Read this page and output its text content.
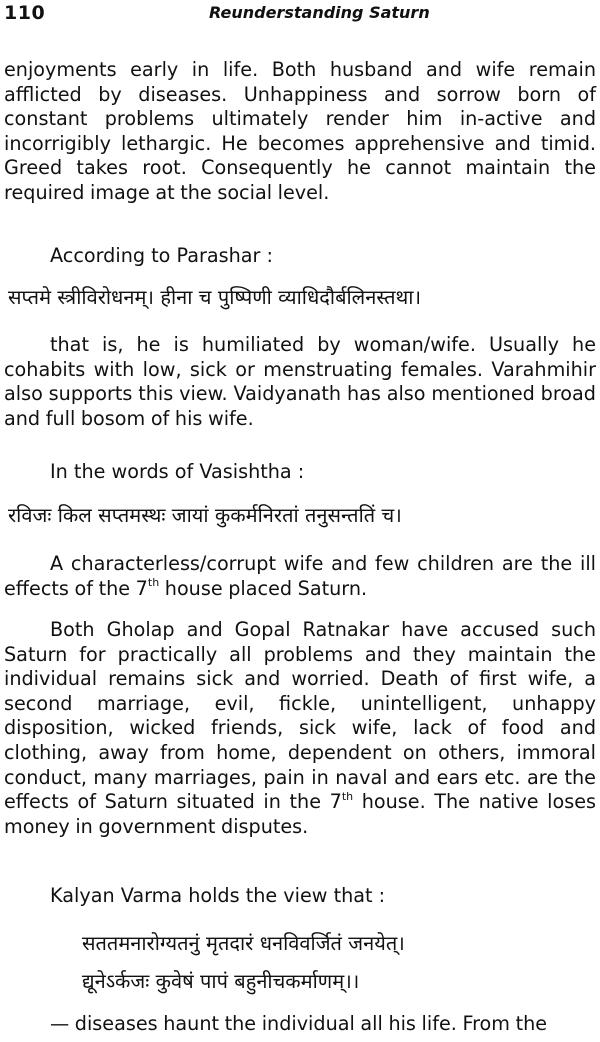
110	Reunderstanding Saturn

enjoyments early in life. Both husband and wife remain afflicted by diseases. Unhappiness and sorrow born of constant problems ultimately render him in-active and incorrigibly lethargic. He becomes apprehensive and timid. Greed takes root. Consequently he cannot maintain the required image at the social level.

According to Parashar :

सप्तमे स्त्रीविरोधनम्। हीना च पुष्पिणी व्याधिदौर्बलिनस्तथा।

that is, he is humiliated by woman/wife. Usually he cohabits with low, sick or menstruating females. Varahmihir also supports this view. Vaidyanath has also mentioned broad and full bosom of his wife.

In the words of Vasishtha :

रविजः किल सप्तमस्थः जायां कुकर्मनिरतां तनुसन्ततिं च।

A characterless/corrupt wife and few children are the ill effects of the 7th house placed Saturn.

Both Gholap and Gopal Ratnakar have accused such Saturn for practically all problems and they maintain the individual remains sick and worried. Death of first wife, a second marriage, evil, fickle, unintelligent, unhappy disposition, wicked friends, sick wife, lack of food and clothing, away from home, dependent on others, immoral conduct, many marriages, pain in naval and ears etc. are the effects of Saturn situated in the 7th house. The native loses money in government disputes.

Kalyan Varma holds the view that :

सततमनारोग्यतनुं मृतदारं धनविवर्जितं जनयेत्।

द्यूनेऽर्कजः कुवेषं पापं बहुनीचकर्माणम्।।

— diseases haunt the individual all his life. From the
